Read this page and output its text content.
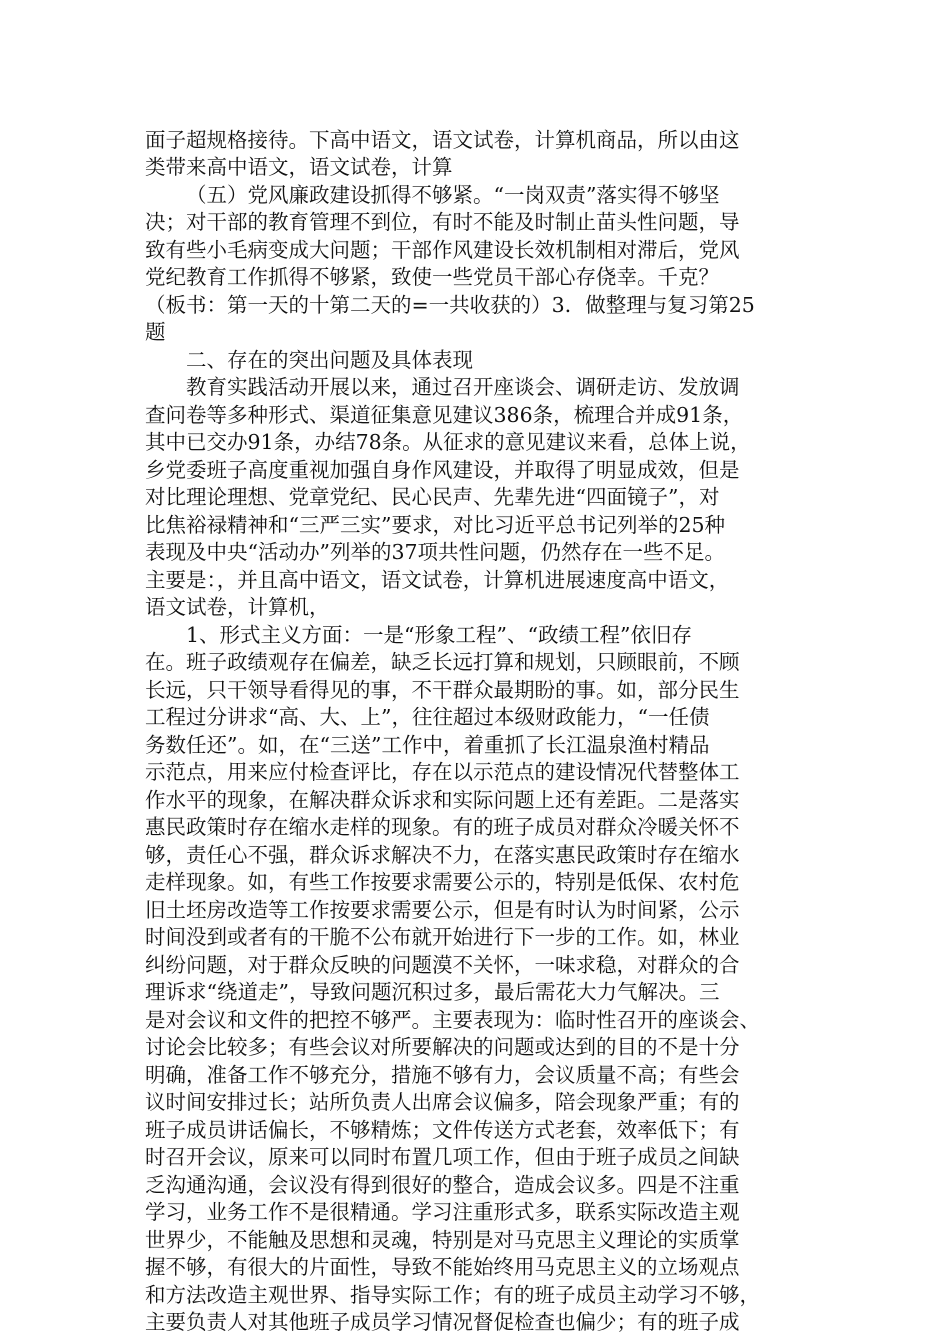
面子超规格接待。下高中语文，语文试卷，计算机商品，所以由这

类带来高中语文，语文试卷，计算

（五）党风廉政建设抓得不够紧。“一岗双责”落实得不够坚

决；对干部的教育管理不到位，有时不能及时制止苗头性问题，导

致有些小毛病变成大问题；干部作风建设长效机制相对滞后，党风

党纪教育工作抓得不够紧，致使一些党员干部心存侥幸。千克？

（板书：第一天的十第二天的=一共收获的）3．做整理与复习第25

题

二、存在的突出问题及具体表现

教育实践活动开展以来，通过召开座谈会、调研走访、发放调

查问卷等多种形式、渠道征集意见建议386条，梳理合并成91条，

其中已交办91条，办结78条。从征求的意见建议来看，总体上说，

乡党委班子高度重视加强自身作风建设，并取得了明显成效，但是

对比理论理想、党章党纪、民心民声、先辈先进“四面镜子”，对

比焦裕禄精神和“三严三实”要求，对比习近平总书记列举的25种

表现及中央“活动办”列举的37项共性问题，仍然存在一些不足。

主要是：，并且高中语文，语文试卷，计算机进展速度高中语文，

语文试卷，计算机，

1、形式主义方面：一是“形象工程”、“政绩工程”依旧存

在。班子政绩观存在偏差，缺乏长远打算和规划，只顾眼前，不顾

长远，只干领导看得见的事，不干群众最期盼的事。如，部分民生

工程过分讲求“高、大、上”，往往超过本级财政能力，“一任债

务数任还”。如，在“三送”工作中，着重抓了长江温泉渔村精品

示范点，用来应付检查评比，存在以示范点的建设情况代替整体工

作水平的现象，在解决群众诉求和实际问题上还有差距。二是落实

惠民政策时存在缩水走样的现象。有的班子成员对群众冷暖关怀不

够，责任心不强，群众诉求解决不力，在落实惠民政策时存在缩水

走样现象。如，有些工作按要求需要公示的，特别是低保、农村危

旧土坯房改造等工作按要求需要公示，但是有时认为时间紧，公示

时间没到或者有的干脆不公布就开始进行下一步的工作。如，林业

纠纷问题，对于群众反映的问题漠不关怀，一味求稳，对群众的合

理诉求“绕道走”，导致问题沉积过多，最后需花大力气解决。三

是对会议和文件的把控不够严。主要表现为：临时性召开的座谈会、

讨论会比较多；有些会议对所要解决的问题或达到的目的不是十分

明确，准备工作不够充分，措施不够有力，会议质量不高；有些会

议时间安排过长；站所负责人出席会议偏多，陪会现象严重；有的

班子成员讲话偏长，不够精炼；文件传送方式老套，效率低下；有

时召开会议，原来可以同时布置几项工作，但由于班子成员之间缺

乏沟通沟通，会议没有得到很好的整合，造成会议多。四是不注重

学习，业务工作不是很精通。学习注重形式多，联系实际改造主观

世界少，不能触及思想和灵魂，特别是对马克思主义理论的实质掌

握不够，有很大的片面性，导致不能始终用马克思主义的立场观点

和方法改造主观世界、指导实际工作；有的班子成员主动学习不够，

主要负责人对其他班子成员学习情况督促检查也偏少；有的班子成
